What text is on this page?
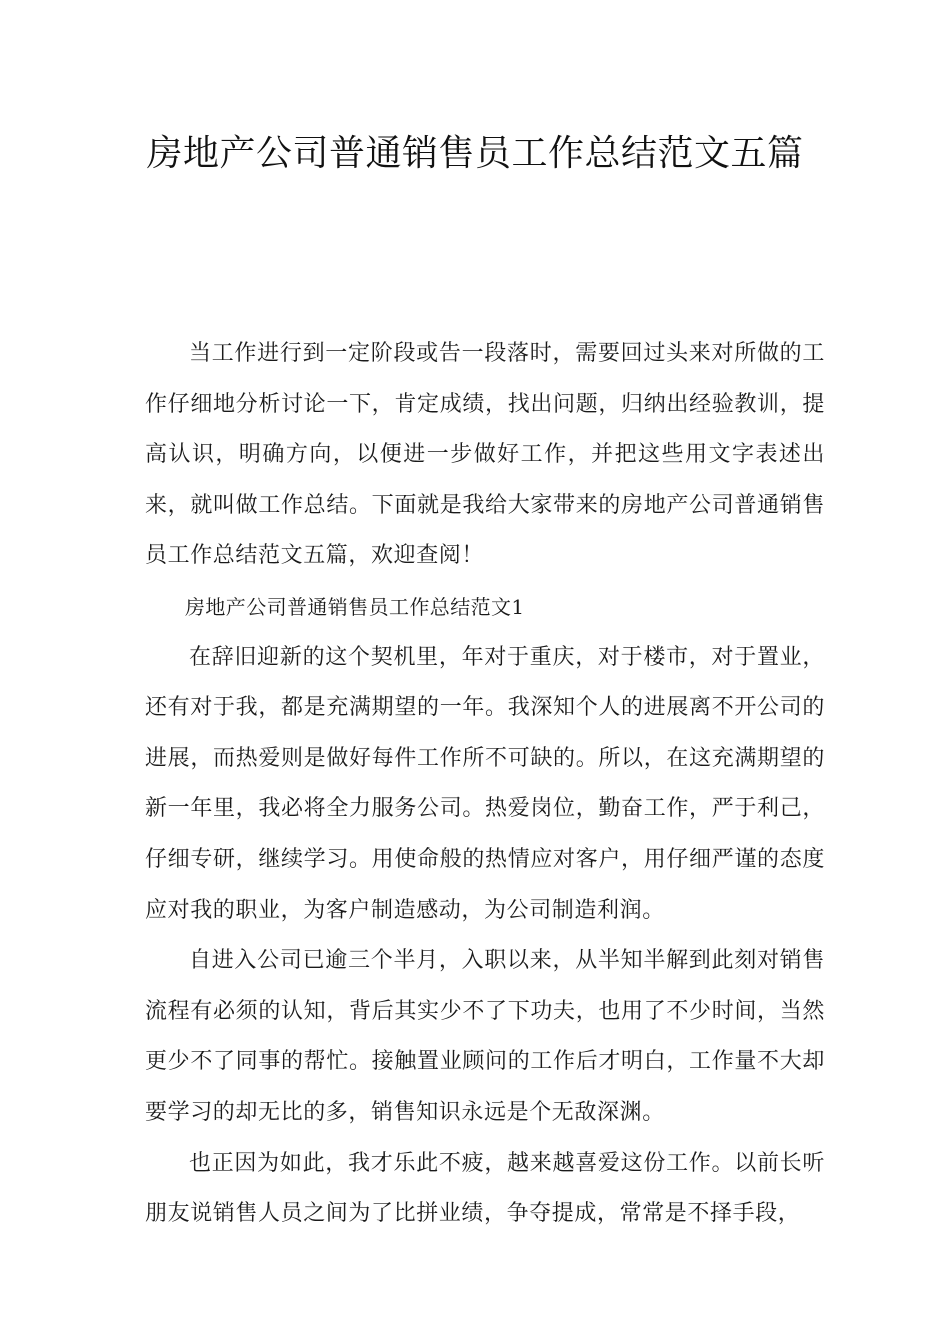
房地产公司普通销售员工作总结范文五篇

当工作进行到一定阶段或告一段落时，需要回过头来对所做的工作仔细地分析讨论一下，肯定成绩，找出问题，归纳出经验教训，提高认识，明确方向，以便进一步做好工作，并把这些用文字表述出来，就叫做工作总结。下面就是我给大家带来的房地产公司普通销售员工作总结范文五篇，欢迎查阅！

房地产公司普通销售员工作总结范文1

在辞旧迎新的这个契机里，年对于重庆，对于楼市，对于置业，还有对于我，都是充满期望的一年。我深知个人的进展离不开公司的进展，而热爱则是做好每件工作所不可缺的。所以，在这充满期望的新一年里，我必将全力服务公司。热爱岗位，勤奋工作，严于利己，仔细专研，继续学习。用使命般的热情应对客户，用仔细严谨的态度应对我的职业，为客户制造感动，为公司制造利润。

自进入公司已逾三个半月，入职以来，从半知半解到此刻对销售流程有必须的认知，背后其实少不了下功夫，也用了不少时间，当然更少不了同事的帮忙。接触置业顾问的工作后才明白，工作量不大却要学习的却无比的多，销售知识永远是个无敌深渊。

也正因为如此，我才乐此不疲，越来越喜爱这份工作。以前长听朋友说销售人员之间为了比拼业绩，争夺提成，常常是不择手段，
